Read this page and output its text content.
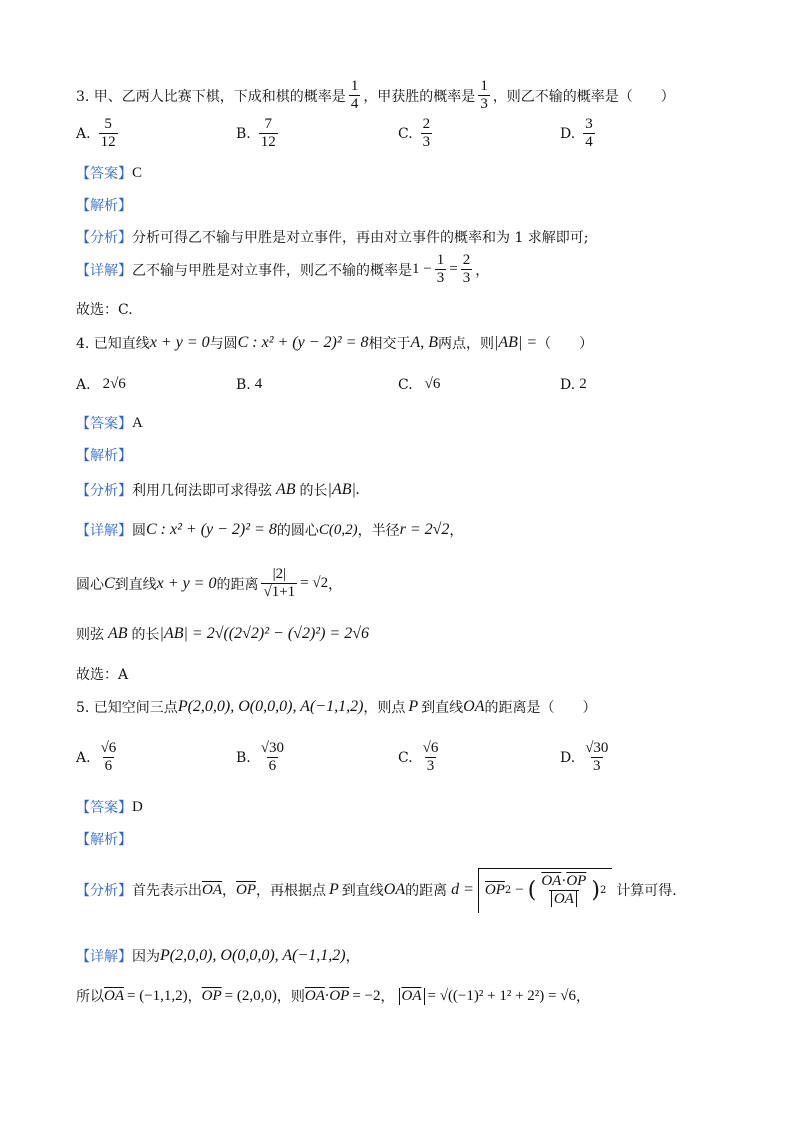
3. 甲、乙两人比赛下棋，下成和棋的概率是 $\frac{1}{4}$ ，甲获胜的概率是 $\frac{1}{3}$ ，则乙不输的概率是（　　）
A. $\frac{5}{12}$	B. $\frac{7}{12}$	C. $\frac{2}{3}$	D. $\frac{3}{4}$
【答案】 C
【解析】
【分析】 分析可得乙不输与甲胜是对立事件，再由对立事件的概率和为 1 求解即可;
【详解】 乙不输与甲胜是对立事件，则乙不输的概率是 $1 - \frac{1}{3} = \frac{2}{3}$ ，
故选：C.
4. 已知直线 x + y = 0 与圆 C : x² + (y − 2)² = 8 相交于 A, B 两点，则 |AB| = （　　）
A. 2√6	B. 4	C. √6	D. 2
【答案】 A
【解析】
【分析】 利用几何法即可求得弦 AB 的长 |AB|.
【详解】 圆 C : x² + (y − 2)² = 8 的圆心 C(0,2) ，半径 r = 2√2 ，
圆心 C 到直线 x + y = 0 的距离 $\frac{|2|}{√1+1} = √2$ ，
则弦 AB 的长 |AB| = 2√((2√2)² − (√2)²) = 2√6
故选：A
5. 已知空间三点 P(2,0,0), O(0,0,0), A(−1,1,2) ，则点 P 到直线 OA 的距离是（　　）
A. $\frac{√6}{6}$	B. $\frac{√30}{6}$	C. $\frac{√6}{3}$	D. $\frac{√30}{3}$
【答案】 D
【解析】
【分析】 首先表示出 $\overline{OA}$ ， $\overline{OP}$ ，再根据点 P 到直线 OA 的距离 $d = \overline{OP}$ 2 − ( $\frac{\overline{OA}\cdot\overline{OP}}{OA}$ ) 2 计算可得.
【详解】 因为 P(2,0,0), O(0,0,0), A(−1,1,2) ，
所以 $\overline{OA} = (-1,1,2)$ ， $\overline{OP} = (2,0,0)$ ，则 $\overline{OA} \cdot \overline{OP} = -2$ ， $\overline{OA} = √((-1)^2 + 1^2 + 2^2) = √6$ ，
